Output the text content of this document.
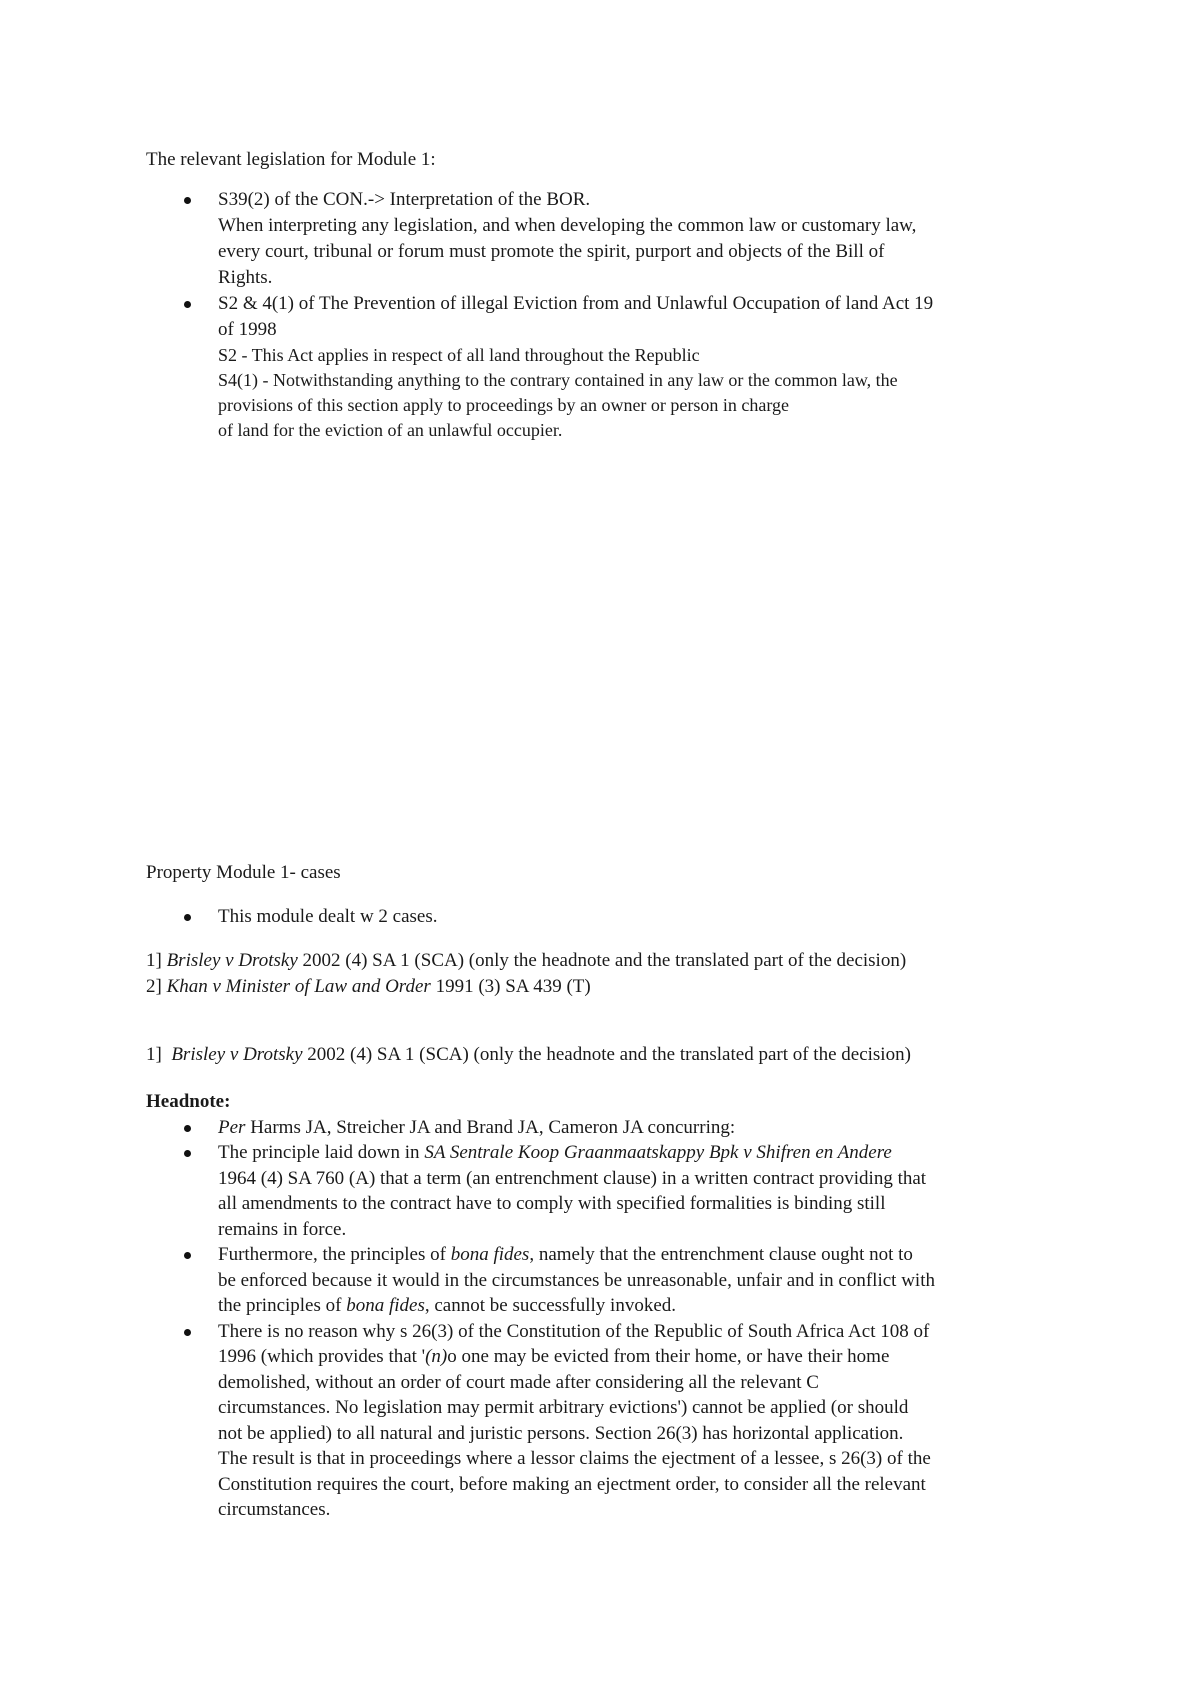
The relevant legislation for Module 1:
S39(2) of the CON.-> Interpretation of the BOR.
When interpreting any legislation, and when developing the common law or customary law,
every court, tribunal or forum must promote the spirit, purport and objects of the Bill of
Rights.
S2 & 4(1) of The Prevention of illegal Eviction from and Unlawful Occupation of land Act 19
of 1998
S2 - This Act applies in respect of all land throughout the Republic
S4(1) - Notwithstanding anything to the contrary contained in any law or the common law, the
provisions of this section apply to proceedings by an owner or person in charge
of land for the eviction of an unlawful occupier.
Property Module 1- cases
This module dealt w 2 cases.
1] Brisley v Drotsky 2002 (4) SA 1 (SCA) (only the headnote and the translated part of the decision)
2] Khan v Minister of Law and Order 1991 (3) SA 439 (T)
1] Brisley v Drotsky 2002 (4) SA 1 (SCA) (only the headnote and the translated part of the decision)
Headnote:
Per Harms JA, Streicher JA and Brand JA, Cameron JA concurring:
The principle laid down in SA Sentrale Koop Graanmaatskappy Bpk v Shifren en Andere
1964 (4) SA 760 (A) that a term (an entrenchment clause) in a written contract providing that
all amendments to the contract have to comply with specified formalities is binding still
remains in force.
Furthermore, the principles of bona fides, namely that the entrenchment clause ought not to
be enforced because it would in the circumstances be unreasonable, unfair and in conflict with
the principles of bona fides, cannot be successfully invoked.
There is no reason why s 26(3) of the Constitution of the Republic of South Africa Act 108 of
1996 (which provides that '(n)o one may be evicted from their home, or have their home
demolished, without an order of court made after considering all the relevant C
circumstances. No legislation may permit arbitrary evictions') cannot be applied (or should
not be applied) to all natural and juristic persons. Section 26(3) has horizontal application.
The result is that in proceedings where a lessor claims the ejectment of a lessee, s 26(3) of the
Constitution requires the court, before making an ejectment order, to consider all the relevant
circumstances.
